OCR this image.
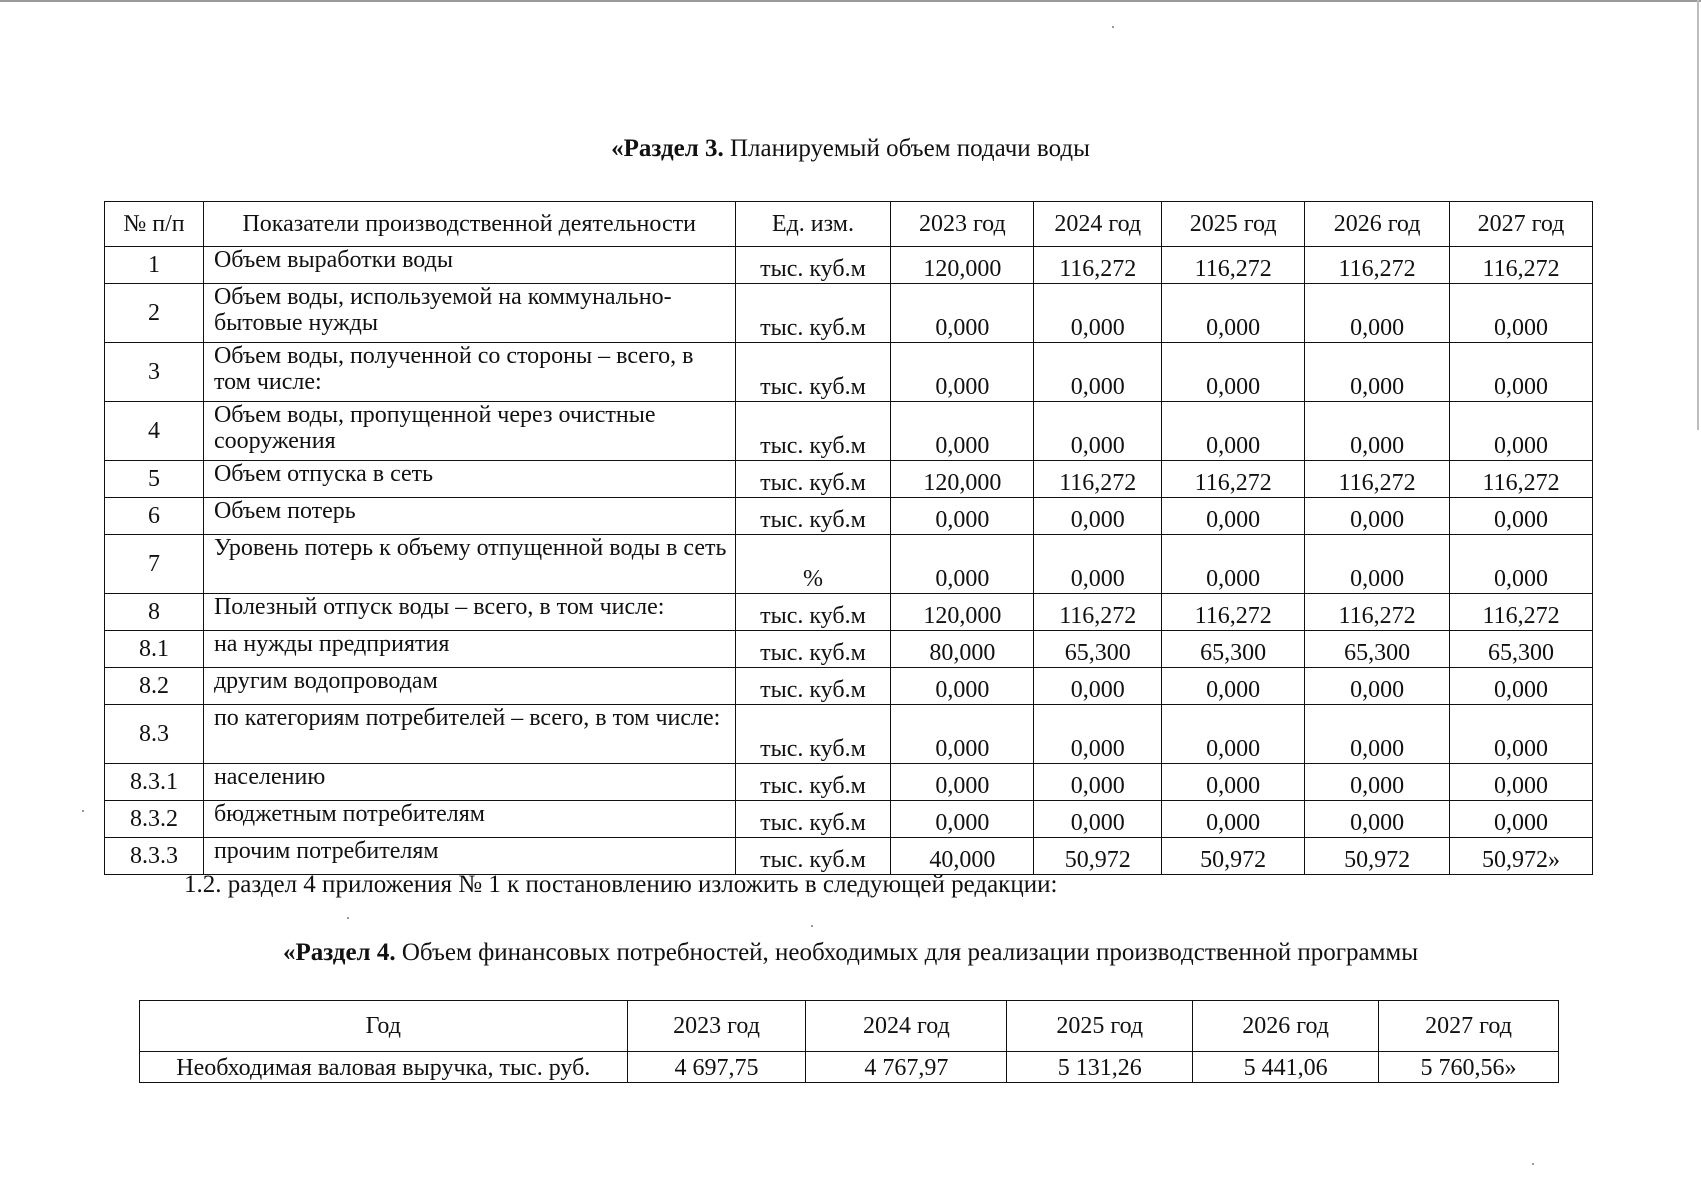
«Раздел 3. Планируемый объем подачи воды
№ п/п	Показатели производственной деятельности	Ед. изм.	2023 год	2024 год	2025 год	2026 год	2027 год
1	Объем выработки воды	тыс. куб.м	120,000	116,272	116,272	116,272	116,272
2	Объем воды, используемой на коммунально-бытовые нужды	тыс. куб.м	0,000	0,000	0,000	0,000	0,000
3	Объем воды, полученной со стороны – всего, в том числе:	тыс. куб.м	0,000	0,000	0,000	0,000	0,000
4	Объем воды, пропущенной через очистные сооружения	тыс. куб.м	0,000	0,000	0,000	0,000	0,000
5	Объем отпуска в сеть	тыс. куб.м	120,000	116,272	116,272	116,272	116,272
6	Объем потерь	тыс. куб.м	0,000	0,000	0,000	0,000	0,000
7	Уровень потерь к объему отпущенной воды в сеть	%	0,000	0,000	0,000	0,000	0,000
8	Полезный отпуск воды – всего, в том числе:	тыс. куб.м	120,000	116,272	116,272	116,272	116,272
8.1	на нужды предприятия	тыс. куб.м	80,000	65,300	65,300	65,300	65,300
8.2	другим водопроводам	тыс. куб.м	0,000	0,000	0,000	0,000	0,000
8.3	по категориям потребителей – всего, в том числе:	тыс. куб.м	0,000	0,000	0,000	0,000	0,000
8.3.1	населению	тыс. куб.м	0,000	0,000	0,000	0,000	0,000
8.3.2	бюджетным потребителям	тыс. куб.м	0,000	0,000	0,000	0,000	0,000
8.3.3	прочим потребителям	тыс. куб.м	40,000	50,972	50,972	50,972	50,972»
1.2. раздел 4 приложения № 1 к постановлению изложить в следующей редакции:
«Раздел 4. Объем финансовых потребностей, необходимых для реализации производственной программы
Год	2023 год	2024 год	2025 год	2026 год	2027 год
Необходимая валовая выручка, тыс. руб.	4 697,75	4 767,97	5 131,26	5 441,06	5 760,56»
